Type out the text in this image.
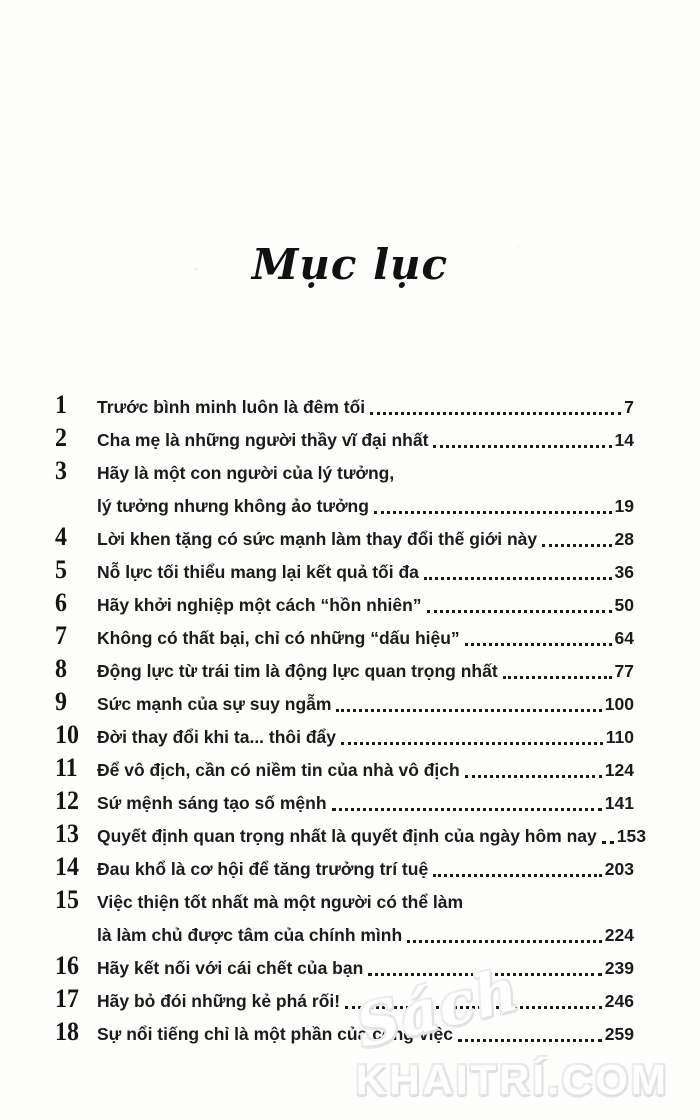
Mục lục
1	Trước bình minh luôn là đêm tối	7
2	Cha mẹ là những người thầy vĩ đại nhất	14
3	Hãy là một con người của lý tưởng,
lý tưởng nhưng không ảo tưởng	19
4	Lời khen tặng có sức mạnh làm thay đổi thế giới này	28
5	Nỗ lực tối thiểu mang lại kết quả tối đa	36
6	Hãy khởi nghiệp một cách “hồn nhiên”	50
7	Không có thất bại, chỉ có những “dấu hiệu”	64
8	Động lực từ trái tim là động lực quan trọng nhất	77
9	Sức mạnh của sự suy ngẫm	100
10	Đời thay đổi khi ta... thôi đẩy	110
11	Để vô địch, cần có niềm tin của nhà vô địch	124
12	Sứ mệnh sáng tạo số mệnh	141
13	Quyết định quan trọng nhất là quyết định của ngày hôm nay 153
14	Đau khổ là cơ hội để tăng trưởng trí tuệ	203
15	Việc thiện tốt nhất mà một người có thể làm
là làm chủ được tâm của chính mình	224
16	Hãy kết nối với cái chết của bạn	239
17	Hãy bỏ đói những kẻ phá rối!	246
18	Sự nổi tiếng chỉ là một phần của công việc	259
Sách
KHAITRÍ.COM
